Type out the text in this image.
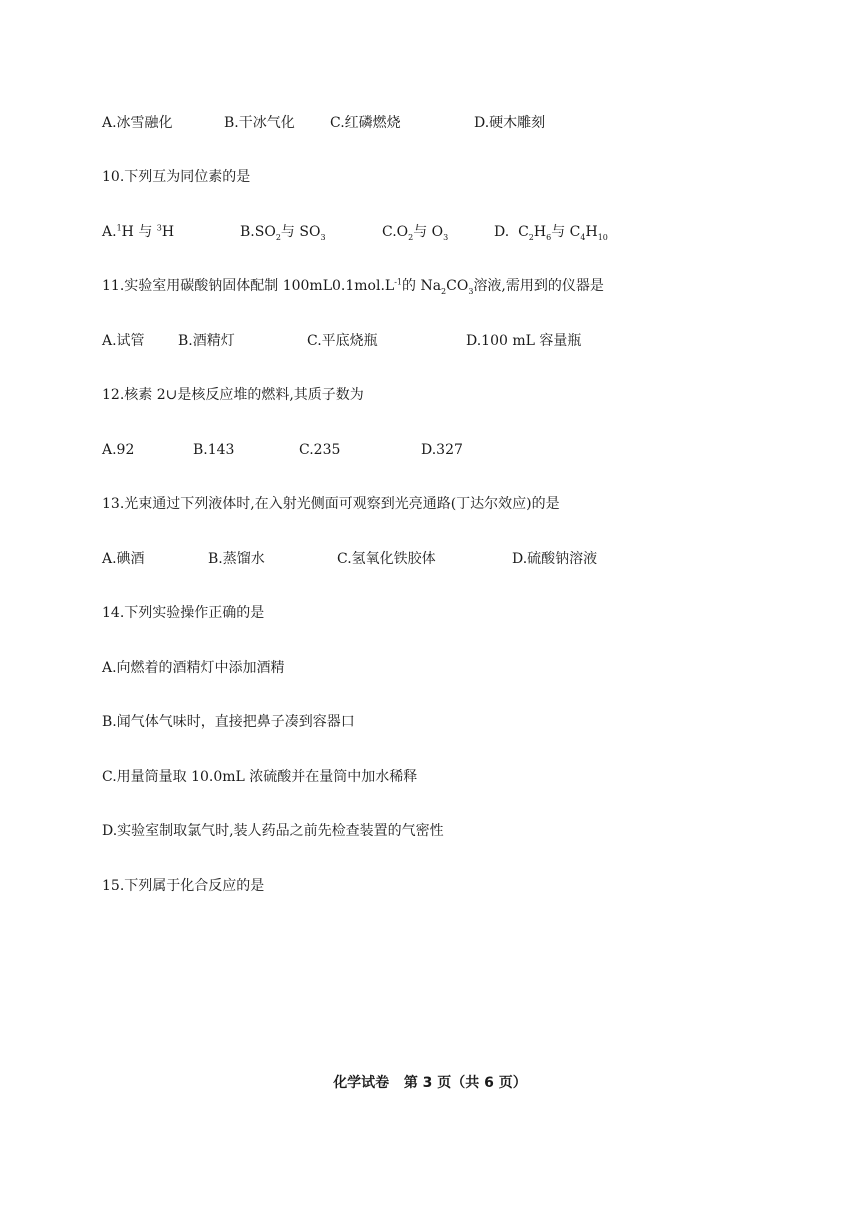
A.冰雪融化	B.干冰气化	C.红磷燃烧	D.硬木雕刻
10.下列互为同位素的是
A.$^1$H 与 $^3$H	$B.SO_2$与 $SO_3$	$C.O_2$与 $O_3$	D.  $C_2H_6$与 $C_4H_{10}$
11.实验室用碳酸钠固体配制 $100mL0.1mol.L^{-1}$的 $Na_2CO_3$溶液,需用到的仪器是
A.试管 B.酒精灯	C.平底烧瓶	D.100 mL 容量瓶
12.核素 2∪是核反应堆的燃料,其质子数为
A.92	B.143	C.235	D.327
13.光束通过下列液体时,在入射光侧面可观察到光亮通路(丁达尔效应)的是
A.碘酒	B.蒸馏水	C.氢氧化铁胶体	D.硫酸钠溶液
14.下列实验操作正确的是
A.向燃着的酒精灯中添加酒精
B.闻气体气味时，直接把鼻子凑到容器口
C.用量筒量取 10.0mL 浓硫酸并在量筒中加水稀释
D.实验室制取氯气时,装人药品之前先检查装置的气密性
15.下列属于化合反应的是
化学试卷 第 3 页（共 6 页）
